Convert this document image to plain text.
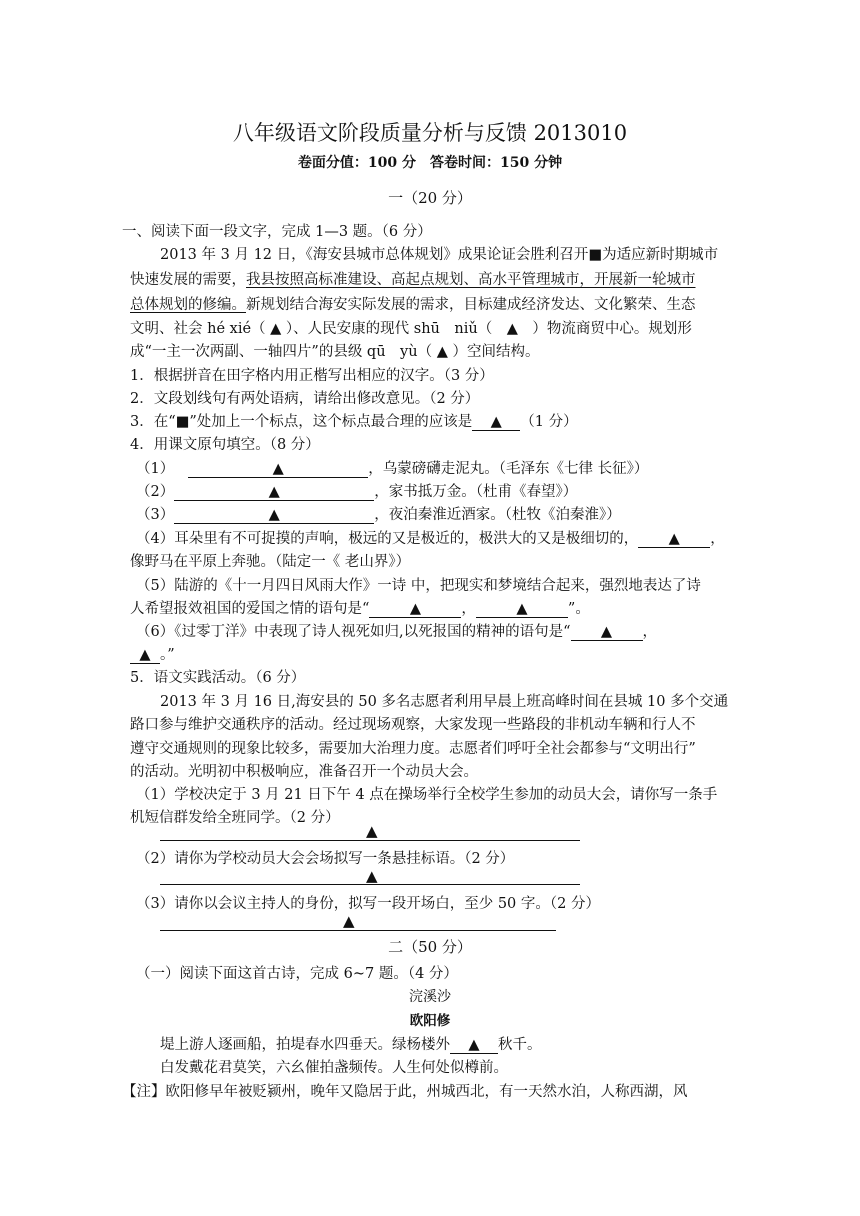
八年级语文阶段质量分析与反馈 2013010
卷面分值：100 分　答卷时间：150 分钟
一（20 分）
一、阅读下面一段文字，完成 1—3 题。（6 分）
2013 年 3 月 12 日，《海安县城市总体规划》成果论证会胜利召开■为适应新时期城市
快速发展的需要，我县按照高标准建设、高起点规划、高水平管理城市，开展新一轮城市
总体规划的修编。新规划结合海安实际发展的需求，目标建成经济发达、文化繁荣、生态
文明、社会 hé xié（ ▲ ）、人民安康的现代 shū　niǔ（　▲　）物流商贸中心。规划形
成“一主一次两副、一轴四片”的县级 qū　yù（ ▲ ）空间结构。
1．根据拼音在田字格内用正楷写出相应的汉字。（3 分）
2．文段划线句有两处语病，请给出修改意见。（2 分）
3．在“■”处加上一个标点，这个标点最合理的应该是 ▲ （1 分）
4．用课文原句填空。（8 分）
（1）	▲	，乌蒙磅礴走泥丸。（毛泽东《七律 长征》）
（2）	▲	，家书抵万金。（杜甫《春望》）
（3）	▲	，夜泊秦淮近酒家。（杜牧《泊秦淮》）
（4）耳朵里有不可捉摸的声响，极远的又是极近的，极洪大的又是极细切的， ▲ ，
像野马在平原上奔驰。（陆定一《 老山界》）
（5）陆游的《十一月四日风雨大作》一诗 中，把现实和梦境结合起来，强烈地表达了诗
人希望报效祖国的爱国之情的语句是“	▲	，	▲	”。
（6）《过零丁洋》中表现了诗人视死如归,以死报国的精神的语句是“ ▲ ，
▲ 。”
5．语文实践活动。（6 分）
2013 年 3 月 16 日,海安县的 50 多名志愿者利用早晨上班高峰时间在县城 10 多个交通
路口参与维护交通秩序的活动。经过现场观察，大家发现一些路段的非机动车辆和行人不
遵守交通规则的现象比较多，需要加大治理力度。志愿者们呼吁全社会都参与“文明出行”
的活动。光明初中积极响应，准备召开一个动员大会。
（1）学校决定于 3 月 21 日下午 4 点在操场举行全校学生参加的动员大会，请你写一条手
机短信群发给全班同学。（2 分）
▲
（2）请你为学校动员大会会场拟写一条悬挂标语。（2 分）
▲
（3）请你以会议主持人的身份，拟写一段开场白，至少 50 字。（2 分）
▲
二（50 分）
（一）阅读下面这首古诗，完成 6~7 题。（4 分）
浣溪沙
欧阳修
堤上游人逐画船，拍堤春水四垂天。绿杨楼外 ▲ 秋千。
白发戴花君莫笑，六幺催拍盏频传。人生何处似樽前。
【注】欧阳修早年被贬颍州，晚年又隐居于此，州城西北，有一天然水泊，人称西湖，风
